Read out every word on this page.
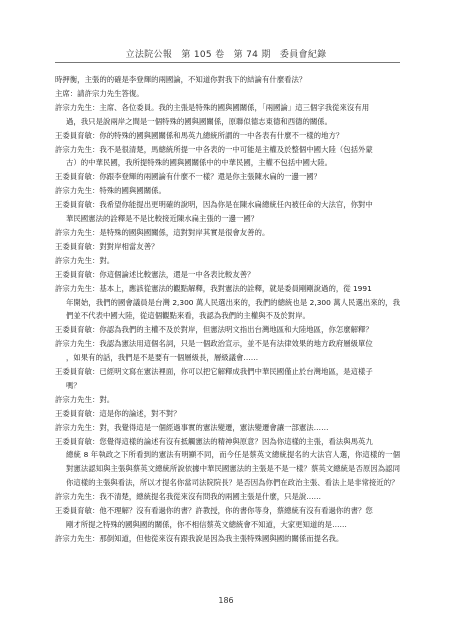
立法院公報　第 105 卷　第 74 期　委員會紀錄
時押衡，主張的的確是李登輝的兩國論，不知道你對我下的結論有什麼看法？
主席：請許宗力先生答復。
許宗力先生：主席、各位委員。我的主張是特殊的國與國關係，「兩國論」這三個字我從來沒有用
過，我只是說兩岸之間是一個特殊的國與國關係，原聯似德志東德和西德的關係。
王委員育敏：你的特殊的國與國關係和馬英九總統所謂的一中各表有什麼不一樣的地方？
許宗力先生：我不是很清楚，馬總統所提一中各表的一中可能是主權及於整個中國大陸（包括外蒙
古）的中華民國，我所提特殊的國與國關係中的中華民國，主權不包括中國大陸。
王委員育敏：你跟李登輝的兩國論有什麼不一樣？還是你主張陳水扁的一邊一國？
許宗力先生：特殊的國與國關係。
王委員育敏：我希望你能提出更明確的說明，因為你是在陳水扁總統任內被任命的大法官，你對中
華民國憲法的詮釋是不是比較接近陳水扁主張的一邊一國？
許宗力先生：是特殊的國與國關係，這對對岸其實是很會友善的。
王委員育敏：對對岸相當友善？
許宗力先生：對。
王委員育敏：你這個論述比較憲法，還是一中各表比較友善？
許宗力先生：基本上，應該從憲法的觀點解釋，我對憲法的詮釋，就是委員剛剛說過的，從 1991
年開始，我們的國會議員是台灣 2,300 萬人民選出來的，我們的總統也是 2,300 萬人民選出來的，我們並不代表中國大陸，從這個觀點來看，我認為我們的主權與不及於對岸。
王委員育敏：你認為我們的主權不及於對岸，但憲法明文指出台灣地區和大陸地區，你怎麼解釋？
許宗力先生：我認為憲法用這個名詞，只是一個政治宣示，並不是有法律效果的地方政府層級單位
，如果有的話，我們是不是要有一個層級長，層級議會……
王委員育敏：已經明文寫在憲法裡面，你可以把它解釋成我們中華民國僅止於台灣地區，是這樣子
嗎？
許宗力先生：對。
王委員育敏：這是你的論述，對不對？
許宗力先生：對，我覺得這是一個經過事實的憲法變遷，憲法變遷會讓一部憲法……
王委員育敏：您覺得這樣的論述有沒有抵觸憲法的精神與原意？因為你這樣的主張，看法與馬英九
總統 8 年執政之下所看到的憲法有明顯不同，而今任是蔡英文總統提名的大法官人選，你這樣的一個對憲法認知與主張與蔡英文總統所說依據中華民國憲法的主張是不是一樣？蔡英文總統是否原因為認同你這樣的主張與看法，所以才提名你當司法院院長？是否因為你們在政治主張、看法上是非常接近的？
許宗力先生：我不清楚，總統提名我從來沒有問我的兩國主張是什麼，只是說……
王委員育敏：他不理解？沒有看過你的書？許教授，你的書你等身，蔡總統有沒有看過你的書？您
剛才所提之特殊的國與國的關係，你不相信蔡英文總統會不知道，大家更知道的是……
許宗力先生：那倒知道，但他從來沒有跟我說是因為我主張特殊國與國的關係而提名我。
186
